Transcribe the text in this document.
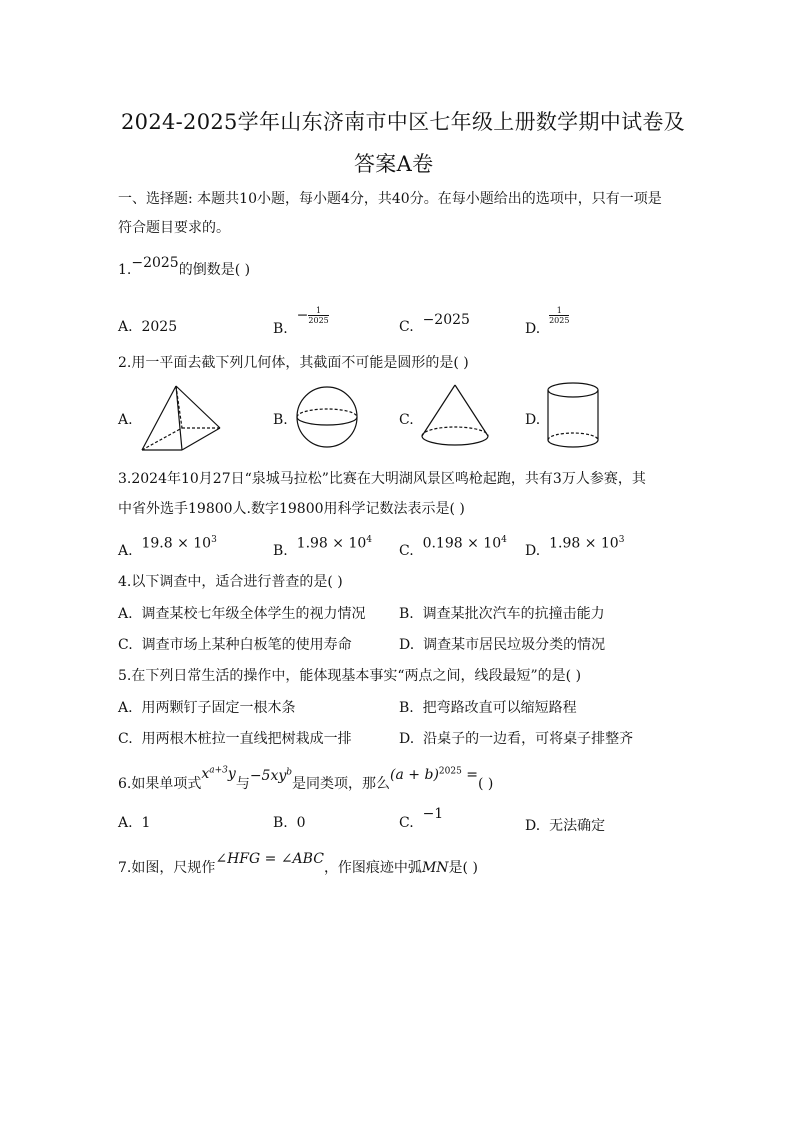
2024-2025学年山东济南市中区七年级上册数学期中试卷及
答案A卷
一、选择题: 本题共10小题，每小题4分，共40分。在每小题给出的选项中，只有一项是
符合题目要求的。
1.−2025的倒数是( )
A. 2025	B.  − $\frac{1}{2025}$
C. −2025
D.
$\frac{1}{2025}$
2.用一平面去截下列几何体，其截面不可能是圆形的是( )
A.	B.	C.	D.
3.2024年10月27日“泉城马拉松”比赛在大明湖风景区鸣枪起跑，共有3万人参赛，其
中省外选手19800人.数字19800用科学记数法表示是( )
A. $19.8 \times 10^3$
B. $1.98 \times 10^4$
C. $0.198 \times 10^4$
D. $1.98 \times 10^3$
4.以下调查中，适合进行普查的是( )
A. 调查某校七年级全体学生的视力情况 B. 调查某批次汽车的抗撞击能力
C. 调查市场上某种白板笔的使用寿命	D. 调查某市居民垃圾分类的情况
5.在下列日常生活的操作中，能体现基本事实“两点之间，线段最短”的是( )
A. 用两颗钉子固定一根木条	B. 把弯路改直可以缩短路程
C. 用两根木桩拉一直线把树栽成一排	D. 沿桌子的一边看，可将桌子排整齐
6.如果单项式$x^{a+3}y$与$-5xy^b$是同类项，那么$(a + b)^{2025}$ =( )
A. 1	B. 0	C.  −1
D. 无法确定
7.如图，尺规作∠HFG = ∠ABC，作图痕迹中弧MN是( )
